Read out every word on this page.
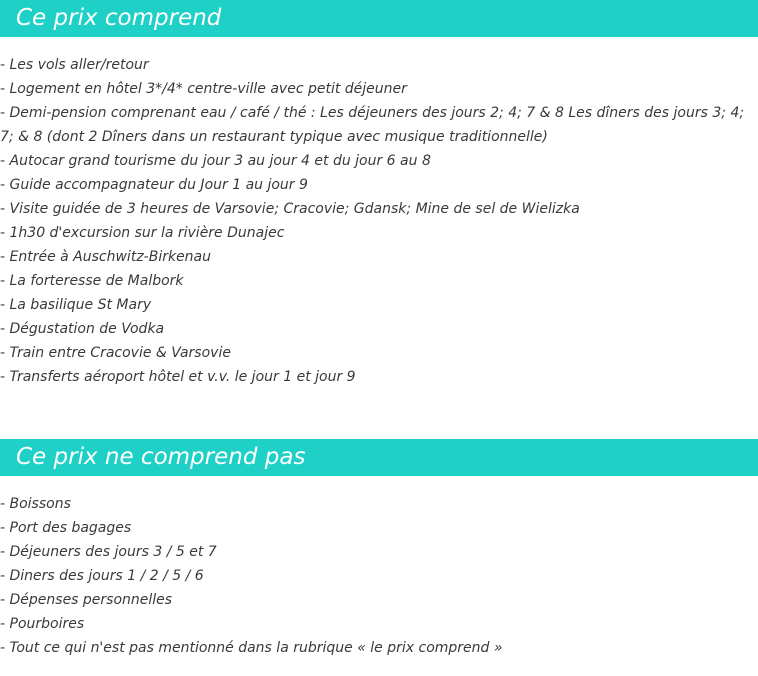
Ce prix comprend
- Les vols aller/retour
- Logement en hôtel 3*/4* centre-ville avec petit déjeuner
- Demi-pension comprenant eau / café / thé : Les déjeuners des jours 2; 4; 7 & 8 Les dîners des jours 3; 4; 7; & 8 (dont 2 Dîners dans un restaurant typique avec musique traditionnelle)
- Autocar grand tourisme du jour 3 au jour 4 et du jour 6 au 8
- Guide accompagnateur du Jour 1 au jour 9
- Visite guidée de 3 heures de Varsovie; Cracovie; Gdansk; Mine de sel de Wielizka
- 1h30 d'excursion sur la rivière Dunajec
- Entrée à Auschwitz-Birkenau
- La forteresse de Malbork
- La basilique St Mary
- Dégustation de Vodka
- Train entre Cracovie & Varsovie
- Transferts aéroport hôtel et v.v. le jour 1 et jour 9
Ce prix ne comprend pas
- Boissons
- Port des bagages
- Déjeuners des jours 3 / 5 et 7
- Diners des jours 1 / 2 / 5 / 6
- Dépenses personnelles
- Pourboires
- Tout ce qui n'est pas mentionné dans la rubrique « le prix comprend »
